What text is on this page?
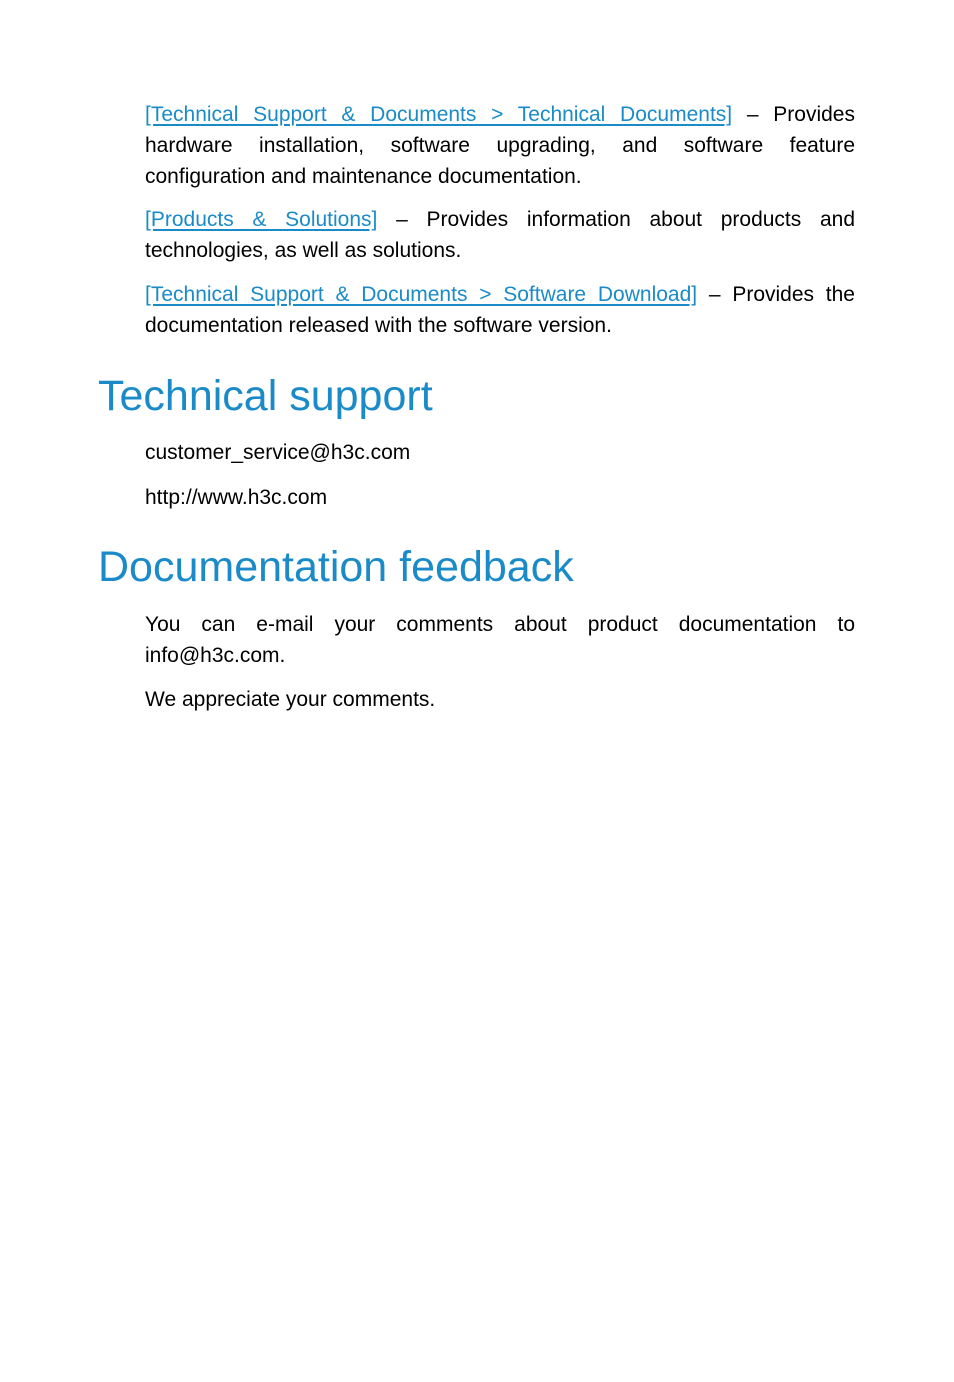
[Technical Support & Documents > Technical Documents] – Provides hardware installation, software upgrading, and software feature configuration and maintenance documentation.

[Products & Solutions] – Provides information about products and technologies, as well as solutions.

[Technical Support & Documents > Software Download] – Provides the documentation released with the software version.

Technical support

customer_service@h3c.com

http://www.h3c.com

Documentation feedback

You can e-mail your comments about product documentation to info@h3c.com.

We appreciate your comments.
